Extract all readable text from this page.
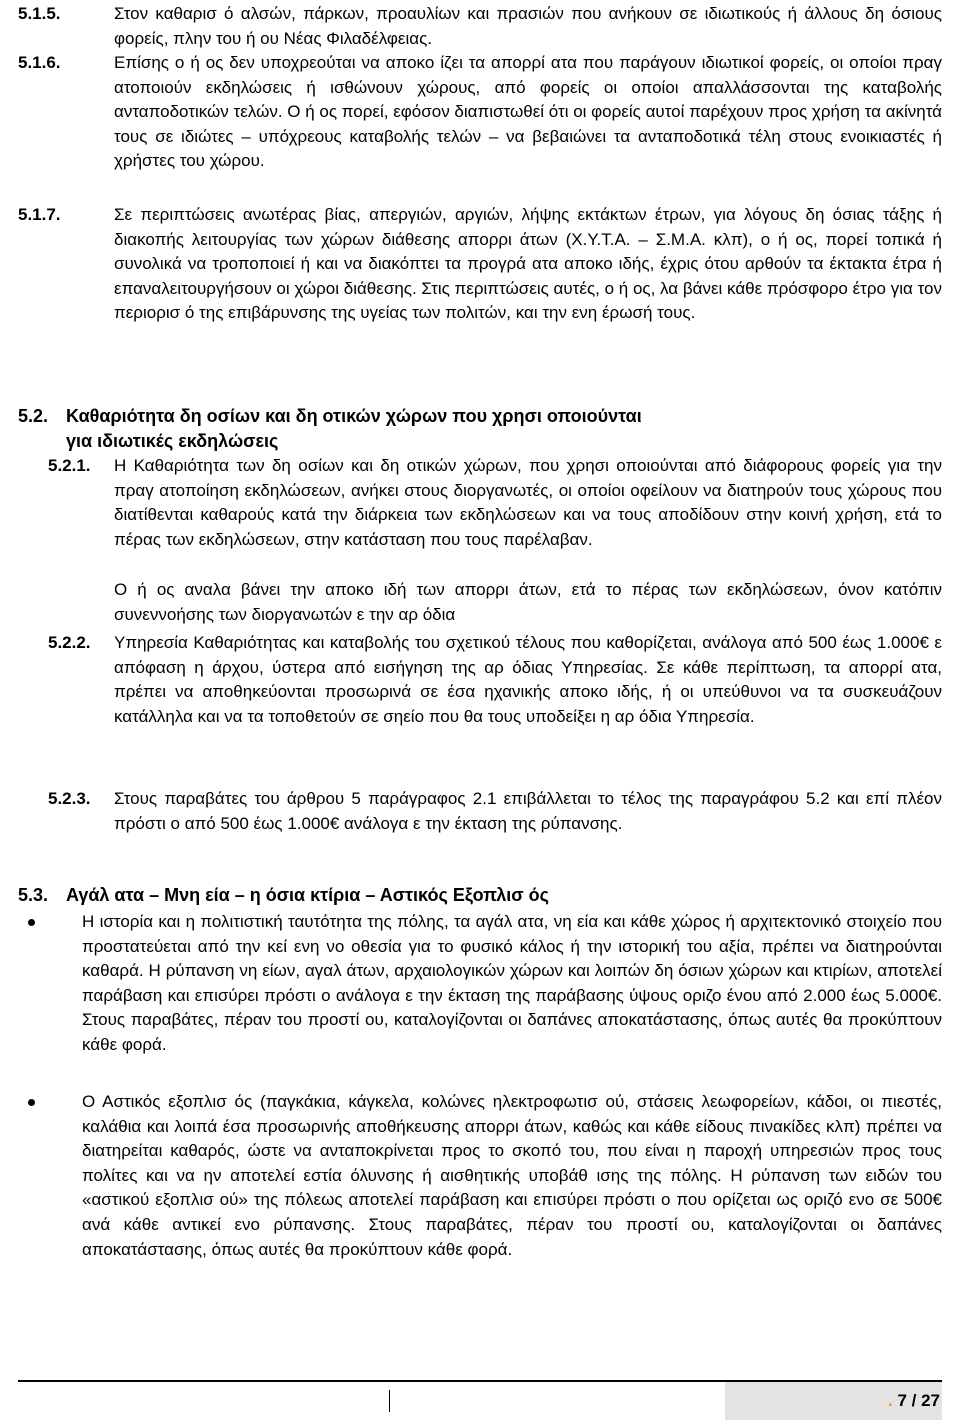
5.1.5.	Στον καθαρισ ό αλσών, πάρκων, προαυλίων και πρασιών που ανήκουν σε ιδιωτικούς ή άλλους δη όσιους φορείς, πλην του ή ου Νέας Φιλαδέλφειας.
5.1.6.	Επίσης ο ή ος δεν υποχρεούται να αποκο ίζει τα απορρί ατα που παράγουν ιδιωτικοί φορείς, οι οποίοι πραγ ατοποιούν εκδηλώσεις ή ισθώνουν χώρους, από φορείς οι οποίοι απαλλάσσονται της καταβολής ανταποδοτικών τελών. Ο ή ος πορεί, εφόσον διαπιστωθεί ότι οι φορείς αυτοί παρέχουν προς χρήση τα ακίνητά τους σε ιδιώτες – υπόχρεους καταβολής τελών – να βεβαιώνει τα ανταποδοτικά τέλη στους ενοικιαστές ή χρήστες του χώρου.
5.1.7.	Σε περιπτώσεις ανωτέρας βίας, απεργιών, αργιών, λήψης εκτάκτων έτρων, για λόγους δη όσιας τάξης ή διακοπής λειτουργίας των χώρων διάθεσης απορρι άτων (Χ.Υ.Τ.Α. – Σ.Μ.Α. κλπ), ο ή ος, πορεί τοπικά ή συνολικά να τροποποιεί ή και να διακόπτει τα προγρά ατα αποκο ιδής, έχρις ότου αρθούν τα έκτακτα έτρα ή επαναλειτουργήσουν οι χώροι διάθεσης. Στις περιπτώσεις αυτές, ο ή ος, λα βάνει κάθε πρόσφορο έτρο για τον περιορισ ό της επιβάρυνσης της υγείας των πολιτών, και την ενη έρωσή τους.
5.2. Καθαριότητα δη οσίων και δη οτικών χώρων που χρησι οποιούνται
για ιδιωτικές εκδηλώσεις
5.2.1. Η Καθαριότητα των δη οσίων και δη οτικών χώρων, που χρησι οποιούνται από διάφορους φορείς για την πραγ ατοποίηση εκδηλώσεων, ανήκει στους διοργανωτές, οι οποίοι οφείλουν να διατηρούν τους χώρους που διατίθενται καθαρούς κατά την διάρκεια των εκδηλώσεων και να τους αποδίδουν στην κοινή χρήση, ετά το πέρας των εκδηλώσεων, στην κατάσταση που τους παρέλαβαν.
Ο ή ος αναλα βάνει την αποκο ιδή των απορρι άτων, ετά το πέρας των εκδηλώσεων, όνον κατόπιν συνεννοήσης των διοργανωτών ε την αρ όδια
5.2.2. Υπηρεσία Καθαριότητας και καταβολής του σχετικού τέλους που καθορίζεται, ανάλογα από 500 έως 1.000€ ε απόφαση η άρχου, ύστερα από εισήγηση της αρ όδιας Υπηρεσίας. Σε κάθε περίπτωση, τα απορρί ατα, πρέπει να αποθηκεύονται προσωρινά σε έσα ηχανικής αποκο ιδής, ή οι υπεύθυνοι να τα συσκευάζουν κατάλληλα και να τα τοποθετούν σε σηείο που θα τους υποδείξει η αρ όδια Υπηρεσία.
5.2.3. Στους παραβάτες του άρθρου 5 παράγραφος 2.1 επιβάλλεται το τέλος της παραγράφου 5.2 και επί πλέον πρόστι ο από 500 έως 1.000€ ανάλογα ε την έκταση της ρύπανσης.
5.3. Αγάλ ατα – Μνη εία – η όσια κτίρια – Αστικός Εξοπλισ ός
Η ιστορία και η πολιτιστική ταυτότητα της πόλης, τα αγάλ ατα, νη εία και κάθε χώρος ή αρχιτεκτονικό στοιχείο που προστατεύεται από την κεί ενη νο οθεσία για το φυσικό κάλος ή την ιστορική του αξία, πρέπει να διατηρούνται καθαρά. Η ρύπανση νη είων, αγαλ άτων, αρχαιολογικών χώρων και λοιπών δη όσιων χώρων και κτιρίων, αποτελεί παράβαση και επισύρει πρόστι ο ανάλογα ε την έκταση της παράβασης ύψους οριζο ένου από 2.000 έως 5.000€. Στους παραβάτες, πέραν του προστί ου, καταλογίζονται οι δαπάνες αποκατάστασης, όπως αυτές θα προκύπτουν κάθε φορά.
Ο Αστικός εξοπλισ ός (παγκάκια, κάγκελα, κολώνες ηλεκτροφωτισ ού, στάσεις λεωφορείων, κάδοι, οι πιεστές, καλάθια και λοιπά έσα προσωρινής αποθήκευσης απορρι άτων, καθώς και κάθε είδους πινακίδες κλπ) πρέπει να διατηρείται καθαρός, ώστε να ανταποκρίνεται προς το σκοπό του, που είναι η παροχή υπηρεσιών προς τους πολίτες και να ην αποτελεί εστία όλυνσης ή αισθητικής υποβάθ ισης της πόλης. Η ρύπανση των ειδών του «αστικού εξοπλισ ού» της πόλεως αποτελεί παράβαση και επισύρει πρόστι ο που ορίζεται ως οριζό ενο σε 500€ ανά κάθε αντικεί ενο ρύπανσης. Στους παραβάτες, πέραν του προστί ου, καταλογίζονται οι δαπάνες αποκατάστασης, όπως αυτές θα προκύπτουν κάθε φορά.
. 7 / 27
